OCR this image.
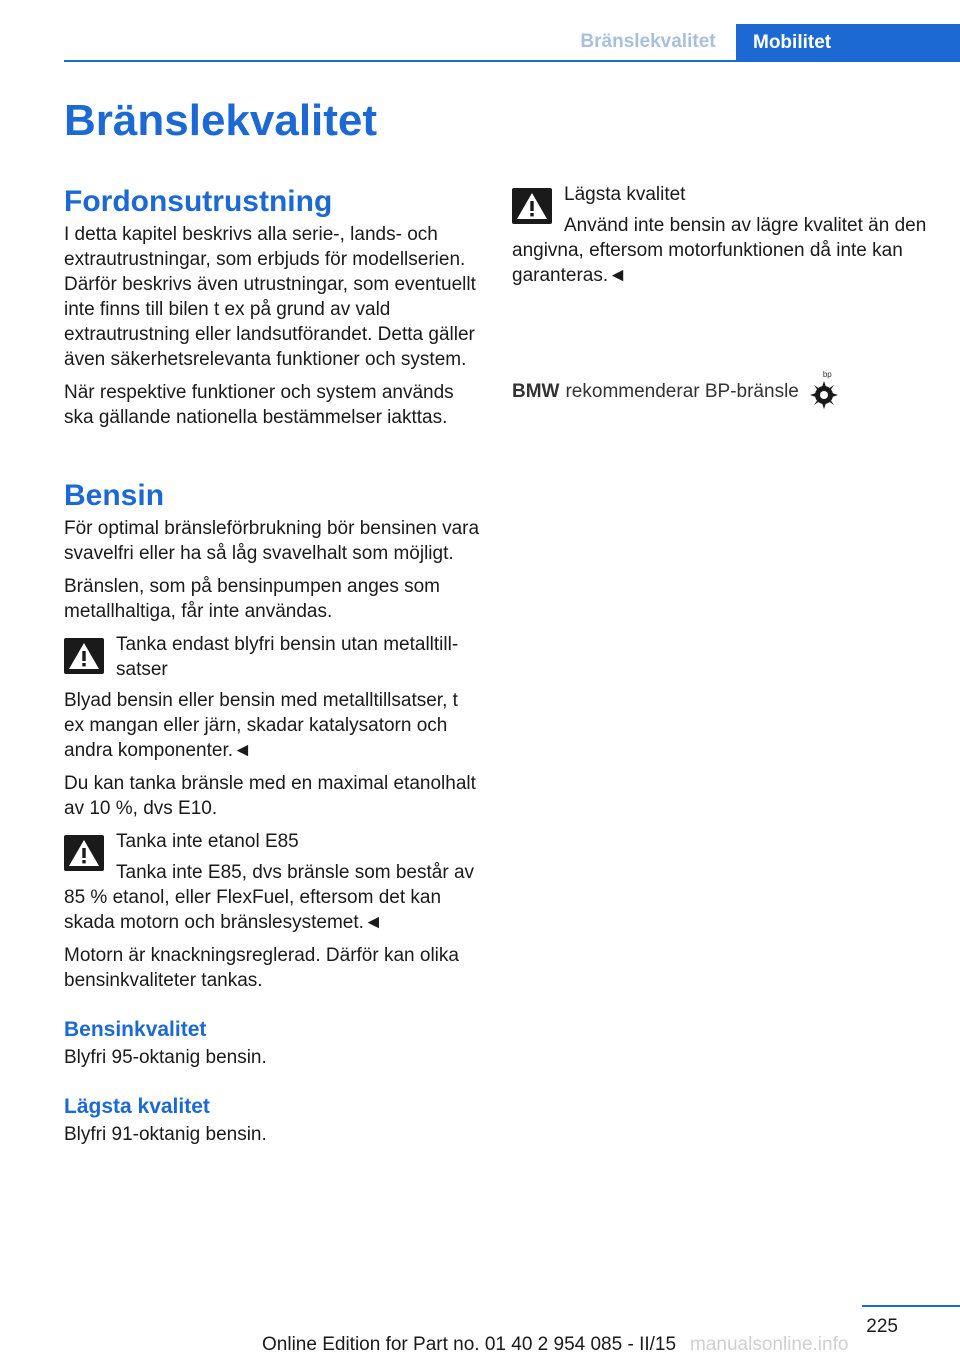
Bränslekvalitet	Mobilitet
Bränslekvalitet
Fordonsutrustning

I detta kapitel beskrivs alla serie-, lands- och extrautrustningar, som erbjuds för modellserien. Därför beskrivs även utrustningar, som eventuellt inte finns till bilen t ex på grund av vald extrautrustning eller landsutförandet. Detta gäller även säkerhetsrelevanta funktioner och system.

När respektive funktioner och system används ska gällande nationella bestämmelser iakttas.

Bensin

För optimal bränsleförbrukning bör bensinen vara svavelfri eller ha så låg svavelhalt som möjligt.

Bränslen, som på bensinpumpen anges som metallhaltiga, får inte användas.

Tanka endast blyfri bensin utan metalltillsatser
Blyad bensin eller bensin med metalltillsatser, t ex mangan eller järn, skadar katalysatorn och andra komponenter.◄

Du kan tanka bränsle med en maximal etanolhalt av 10 %, dvs E10.

Tanka inte etanol E85
Tanka inte E85, dvs bränsle som består av 85 % etanol, eller FlexFuel, eftersom det kan skada motorn och bränslesystemet.◄

Motorn är knackningsreglerad. Därför kan olika bensinkvaliteter tankas.

Bensinkvalitet

Blyfri 95-oktanig bensin.

Lägsta kvalitet

Blyfri 91-oktanig bensin.

Lägsta kvalitet
Använd inte bensin av lägre kvalitet än den angivna, eftersom motorfunktionen då inte kan garanteras.◄
BMW rekommenderar BP-bränsle
bp
225
Online Edition for Part no. 01 40 2 954 085 - II/15 manualsonline.info
